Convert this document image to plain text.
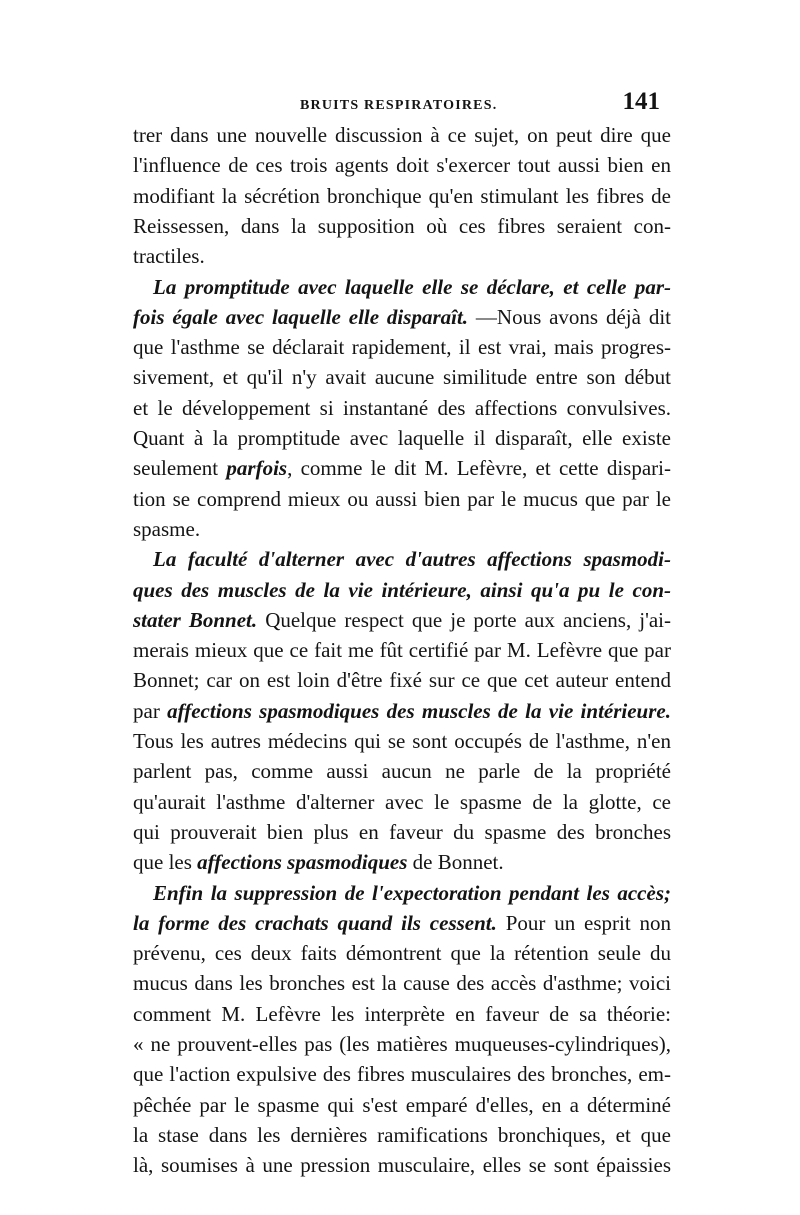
BRUITS RESPIRATOIRES.	141
trer dans une nouvelle discussion à ce sujet, on peut dire que
l'influence de ces trois agents doit s'exercer tout aussi bien en
modifiant la sécrétion bronchique qu'en stimulant les fibres de
Reissessen, dans la supposition où ces fibres seraient con-
tractiles.
La promptitude avec laquelle elle se déclare, et celle par-
fois égale avec laquelle elle disparaît. —Nous avons déjà dit
que l'asthme se déclarait rapidement, il est vrai, mais progres-
sivement, et qu'il n'y avait aucune similitude entre son début
et le développement si instantané des affections convulsives.
Quant à la promptitude avec laquelle il disparaît, elle existe
seulement parfois, comme le dit M. Lefèvre, et cette dispari-
tion se comprend mieux ou aussi bien par le mucus que par le
spasme.
La faculté d'alterner avec d'autres affections spasmodi-
ques des muscles de la vie intérieure, ainsi qu'a pu le con-
stater Bonnet. Quelque respect que je porte aux anciens, j'ai-
merais mieux que ce fait me fût certifié par M. Lefèvre que par
Bonnet; car on est loin d'être fixé sur ce que cet auteur entend
par affections spasmodiques des muscles de la vie intérieure.
Tous les autres médecins qui se sont occupés de l'asthme, n'en
parlent pas, comme aussi aucun ne parle de la propriété
qu'aurait l'asthme d'alterner avec le spasme de la glotte, ce
qui prouverait bien plus en faveur du spasme des bronches
que les affections spasmodiques de Bonnet.
Enfin la suppression de l'expectoration pendant les accès;
la forme des crachats quand ils cessent. Pour un esprit non
prévenu, ces deux faits démontrent que la rétention seule du
mucus dans les bronches est la cause des accès d'asthme; voici
comment M. Lefèvre les interprète en faveur de sa théorie:
« ne prouvent-elles pas (les matières muqueuses-cylindriques),
que l'action expulsive des fibres musculaires des bronches, em-
pêchée par le spasme qui s'est emparé d'elles, en a déterminé
la stase dans les dernières ramifications bronchiques, et que
là, soumises à une pression musculaire, elles se sont épaissies
